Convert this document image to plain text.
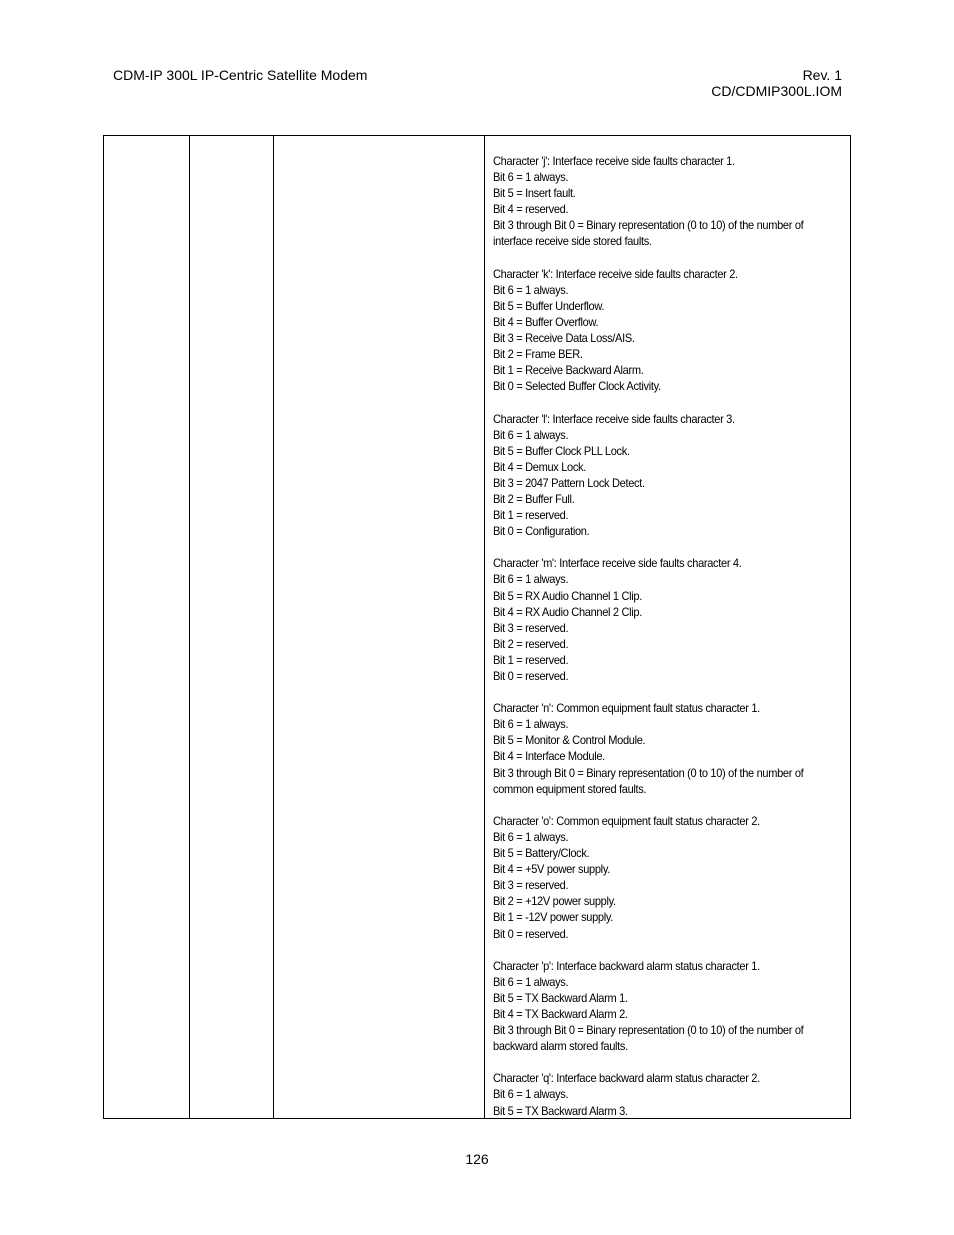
CDM-IP 300L IP-Centric Satellite Modem	Rev. 1
CD/CDMIP300L.IOM
Character 'j': Interface receive side faults character 1.
Bit 6 = 1 always.
Bit 5 = Insert fault.
Bit 4 = reserved.
Bit 3 through Bit 0 = Binary representation (0 to 10) of the number of interface receive side stored faults.
Character 'k': Interface receive side faults character 2.
Bit 6 = 1 always.
Bit 5 = Buffer Underflow.
Bit 4 = Buffer Overflow.
Bit 3 = Receive Data Loss/AIS.
Bit 2 = Frame BER.
Bit 1 = Receive Backward Alarm.
Bit 0 = Selected Buffer Clock Activity.
Character 'l': Interface receive side faults character 3.
Bit 6 = 1 always.
Bit 5 = Buffer Clock PLL Lock.
Bit 4 = Demux Lock.
Bit 3 = 2047 Pattern Lock Detect.
Bit 2 = Buffer Full.
Bit 1 = reserved.
Bit 0 = Configuration.
Character 'm': Interface receive side faults character 4.
Bit 6 = 1 always.
Bit 5 = RX Audio Channel 1 Clip.
Bit 4 = RX Audio Channel 2 Clip.
Bit 3 = reserved.
Bit 2 = reserved.
Bit 1 = reserved.
Bit 0 = reserved.
Character 'n': Common equipment fault status character 1.
Bit 6 = 1 always.
Bit 5 = Monitor & Control Module.
Bit 4 = Interface Module.
Bit 3 through Bit 0 = Binary representation (0 to 10) of the number of common equipment stored faults.
Character 'o': Common equipment fault status character 2.
Bit 6 = 1 always.
Bit 5 = Battery/Clock.
Bit 4 = +5V power supply.
Bit 3 = reserved.
Bit 2 = +12V power supply.
Bit 1 = -12V power supply.
Bit 0 = reserved.
Character 'p': Interface backward alarm status character 1.
Bit 6 = 1 always.
Bit 5 = TX Backward Alarm 1.
Bit 4 = TX Backward Alarm 2.
Bit 3 through Bit 0 = Binary representation (0 to 10) of the number of backward alarm stored faults.
Character 'q': Interface backward alarm status character 2.
Bit 6 = 1 always.
Bit 5 = TX Backward Alarm 3.
126
